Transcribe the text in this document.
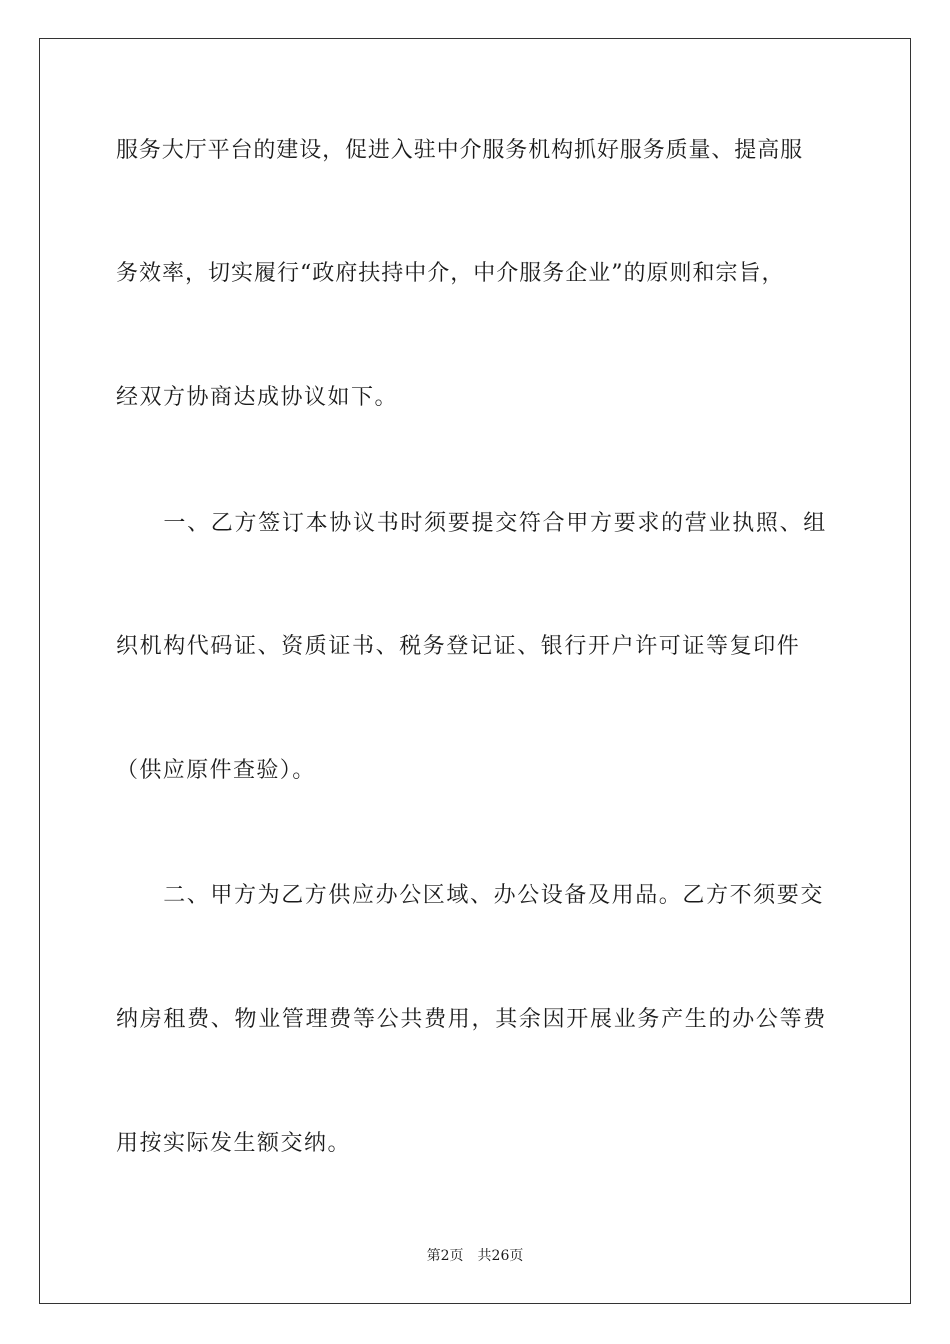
服务大厅平台的建设，促进入驻中介服务机构抓好服务质量、提高服
务效率，切实履行“政府扶持中介，中介服务企业”的原则和宗旨，
经双方协商达成协议如下。
　　一、乙方签订本协议书时须要提交符合甲方要求的营业执照、组
织机构代码证、资质证书、税务登记证、银行开户许可证等复印件
（供应原件查验）。
　　二、甲方为乙方供应办公区域、办公设备及用品。乙方不须要交
纳房租费、物业管理费等公共费用，其余因开展业务产生的办公等费
用按实际发生额交纳。
第2页　共26页
